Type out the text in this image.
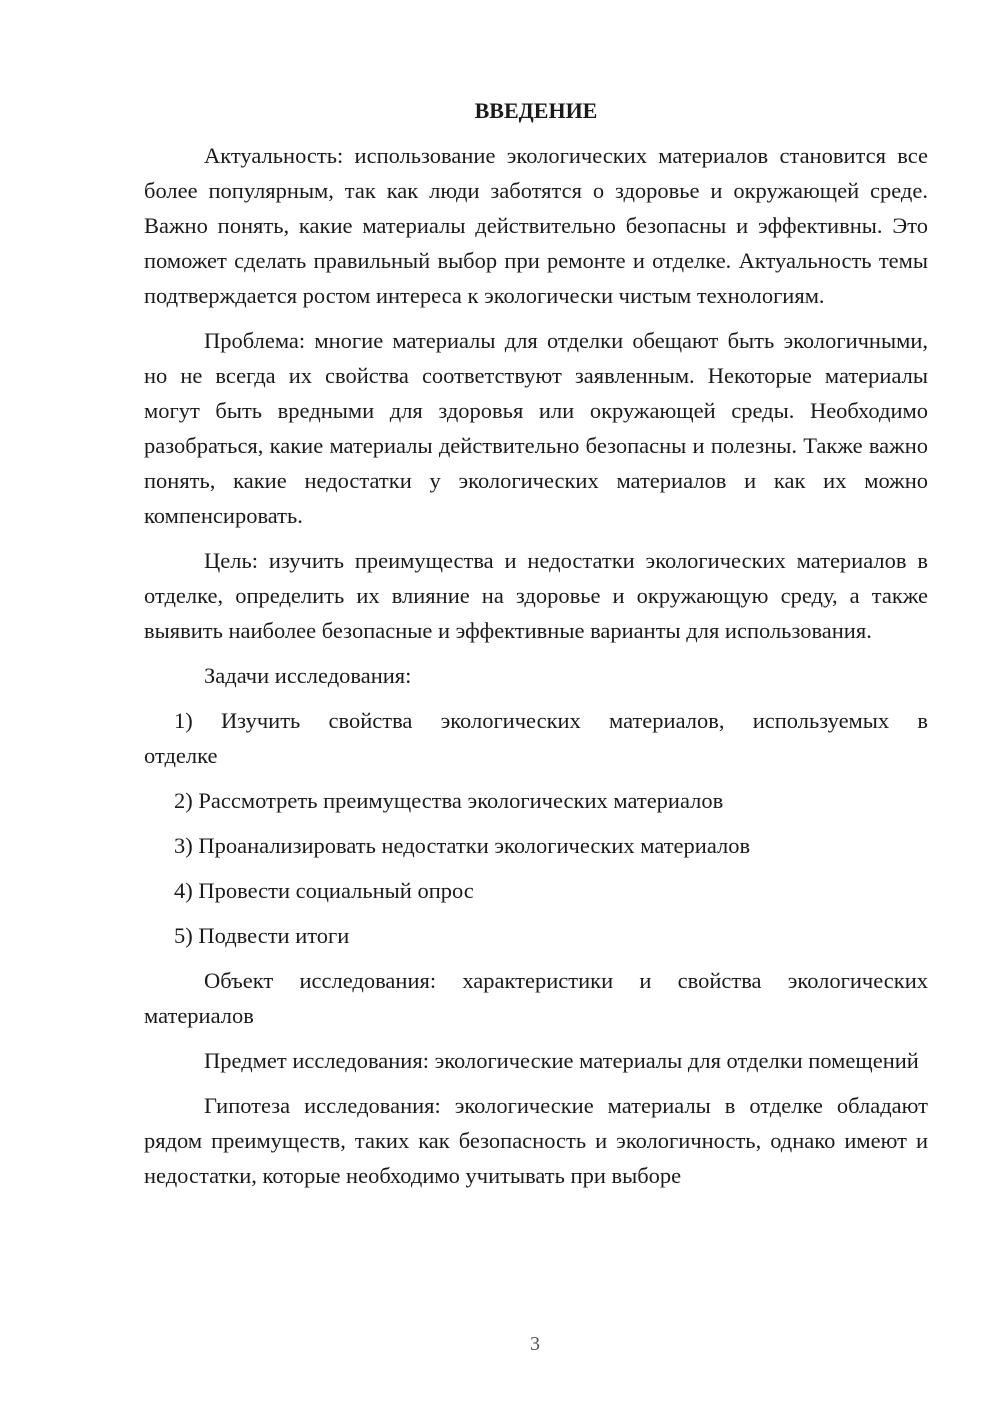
ВВЕДЕНИЕ

Актуальность: использование экологических материалов становится все более популярным, так как люди заботятся о здоровье и окружающей среде. Важно понять, какие материалы действительно безопасны и эффективны. Это поможет сделать правильный выбор при ремонте и отделке. Актуальность темы подтверждается ростом интереса к экологически чистым технологиям.

Проблема: многие материалы для отделки обещают быть экологичными, но не всегда их свойства соответствуют заявленным. Некоторые материалы могут быть вредными для здоровья или окружающей среды. Необходимо разобраться, какие материалы действительно безопасны и полезны. Также важно понять, какие недостатки у экологических материалов и как их можно компенсировать.

Цель: изучить преимущества и недостатки экологических материалов в отделке, определить их влияние на здоровье и окружающую среду, а также выявить наиболее безопасные и эффективные варианты для использования.

Задачи исследования:

1) Изучить свойства экологических материалов, используемых в отделке

2) Рассмотреть преимущества экологических материалов

3) Проанализировать недостатки экологических материалов

4) Провести социальный опрос

5) Подвести итоги

Объект исследования: характеристики и свойства экологических материалов

Предмет исследования: экологические материалы для отделки помещений

Гипотеза исследования: экологические материалы в отделке обладают рядом преимуществ, таких как безопасность и экологичность, однако имеют и недостатки, которые необходимо учитывать при выборе

3
